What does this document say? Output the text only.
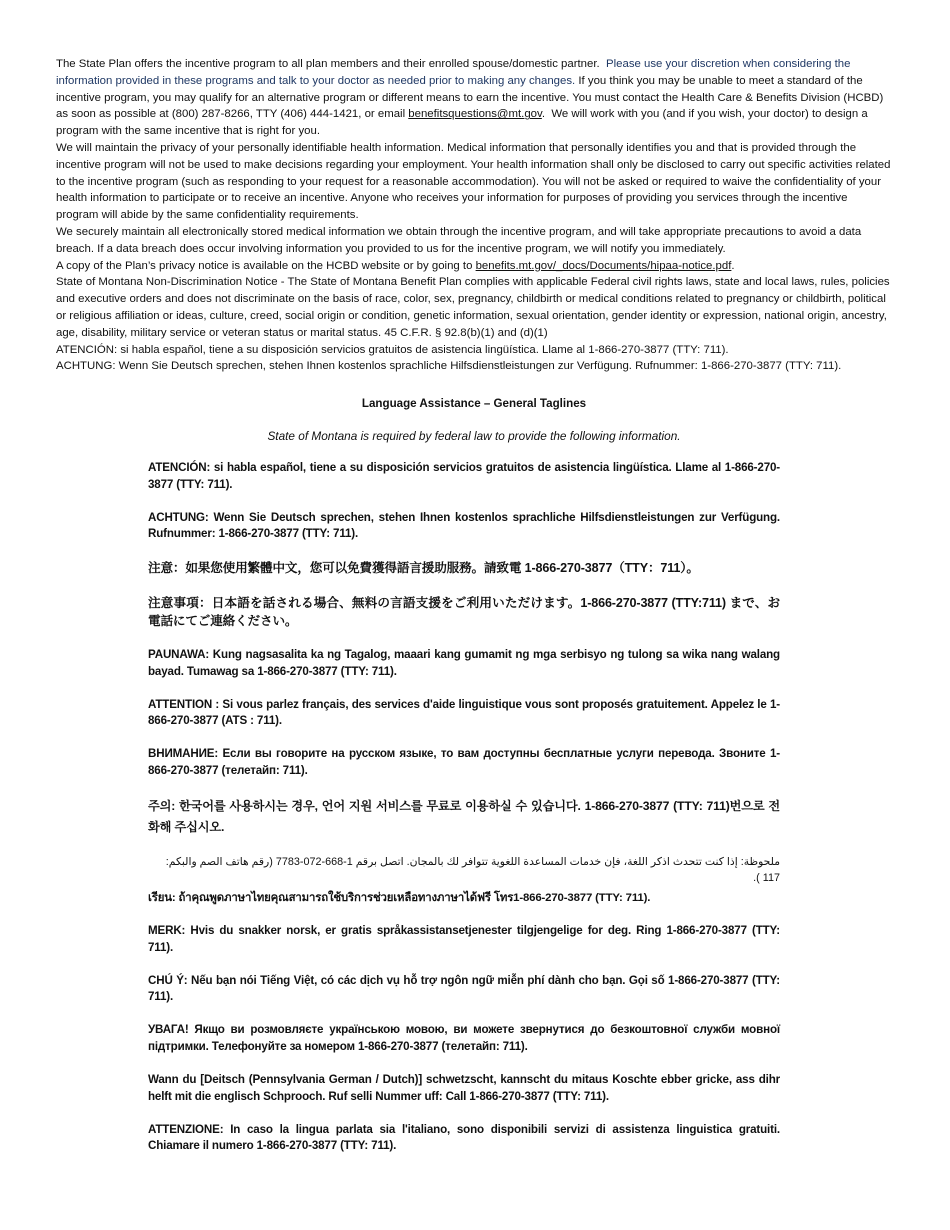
The State Plan offers the incentive program to all plan members and their enrolled spouse/domestic partner. Please use your discretion when considering the information provided in these programs and talk to your doctor as needed prior to making any changes. If you think you may be unable to meet a standard of the incentive program, you may qualify for an alternative program or different means to earn the incentive. You must contact the Health Care & Benefits Division (HCBD) as soon as possible at (800) 287-8266, TTY (406) 444-1421, or email benefitsquestions@mt.gov.  We will work with you (and if you wish, your doctor) to design a program with the same incentive that is right for you.

We will maintain the privacy of your personally identifiable health information. Medical information that personally identifies you and that is provided through the incentive program will not be used to make decisions regarding your employment. Your health information shall only be disclosed to carry out specific activities related to the incentive program (such as responding to your request for a reasonable accommodation). You will not be asked or required to waive the confidentiality of your health information to participate or to receive an incentive. Anyone who receives your information for purposes of providing you services through the incentive program will abide by the same confidentiality requirements.

We securely maintain all electronically stored medical information we obtain through the incentive program, and will take appropriate precautions to avoid a data breach. If a data breach does occur involving information you provided to us for the incentive program, we will notify you immediately.

A copy of the Plan’s privacy notice is available on the HCBD website or by going to benefits.mt.gov/_docs/Documents/hipaa-notice.pdf.

State of Montana Non-Discrimination Notice - The State of Montana Benefit Plan complies with applicable Federal civil rights laws, state and local laws, rules, policies and executive orders and does not discriminate on the basis of race, color, sex, pregnancy, childbirth or medical conditions related to pregnancy or childbirth, political or religious affiliation or ideas, culture, creed, social origin or condition, genetic information, sexual orientation, gender identity or expression, national origin, ancestry, age, disability, military service or veteran status or marital status. 45 C.F.R. § 92.8(b)(1) and (d)(1)

ATENCIÓN: si habla español, tiene a su disposición servicios gratuitos de asistencia lingüística. Llame al 1-866-270-3877 (TTY: 711).

ACHTUNG: Wenn Sie Deutsch sprechen, stehen Ihnen kostenlos sprachliche Hilfsdienstleistungen zur Verfügung. Rufnummer: 1-866-270-3877 (TTY: 711).

Language Assistance – General Taglines
State of Montana is required by federal law to provide the following information.

ATENCIÓN: si habla español, tiene a su disposición servicios gratuitos de asistencia lingüística. Llame al 1-866-270-3877 (TTY: 711).

ACHTUNG: Wenn Sie Deutsch sprechen, stehen Ihnen kostenlos sprachliche Hilfsdienstleistungen zur Verfügung. Rufnummer: 1-866-270-3877 (TTY: 711).

注意：如果您使用繁體中文，您可以免費獲得語言援助服務。請致電 1-866-270-3877（TTY：711）。

注意事項：日本語を話される場合、無料の言語支援をご利用いただけます。1-866-270-3877 (TTY:711) まで、お電話にてご連絡ください。

PAUNAWA: Kung nagsasalita ka ng Tagalog, maaari kang gumamit ng mga serbisyo ng tulong sa wika nang walang bayad. Tumawag sa 1-866-270-3877 (TTY: 711).

ATTENTION : Si vous parlez français, des services d'aide linguistique vous sont proposés gratuitement. Appelez le 1-866-270-3877 (ATS : 711).

ВНИМАНИЕ: Если вы говорите на русском языке, то вам доступны бесплатные услуги перевода. Звоните 1-866-270-3877 (телетайп: 711).

주의: 한국어를 사용하시는 경우, 언어 지원 서비스를 무료로 이용하실 수 있습니다. 1-866-270-3877 (TTY: 711)번으로 전화해 주십시오.

ملحوظة: إذا كنت تتحدث اذكر اللغة، فإن خدمات المساعدة اللغوية تتوافر لك بالمجان. اتصل برقم 1-668-072-7783 (رقم هاتف الصم والبكم: 117 ).

เรียน: ถ้าคุณพูดภาษาไทยคุณสามารถใช้บริการช่วยเหลือทางภาษาได้ฟรี โทร1-866-270-3877 (TTY: 711).

MERK: Hvis du snakker norsk, er gratis språkassistansetjenester tilgjengelige for deg. Ring 1-866-270-3877 (TTY: 711).

CHÚ Ý: Nếu bạn nói Tiếng Việt, có các dịch vụ hỗ trợ ngôn ngữ miễn phí dành cho bạn. Gọi số 1-866-270-3877 (TTY: 711).

УВАГА! Якщо ви розмовляєте українською мовою, ви можете звернутися до безкоштовної служби мовної підтримки. Телефонуйте за номером 1-866-270-3877 (телетайп: 711).

Wann du [Deitsch (Pennsylvania German / Dutch)] schwetzscht, kannscht du mitaus Koschte ebber gricke, ass dihr helft mit die englisch Schprooch. Ruf selli Nummer uff: Call 1-866-270-3877 (TTY: 711).

ATTENZIONE: In caso la lingua parlata sia l'italiano, sono disponibili servizi di assistenza linguistica gratuiti. Chiamare il numero 1-866-270-3877 (TTY: 711).
